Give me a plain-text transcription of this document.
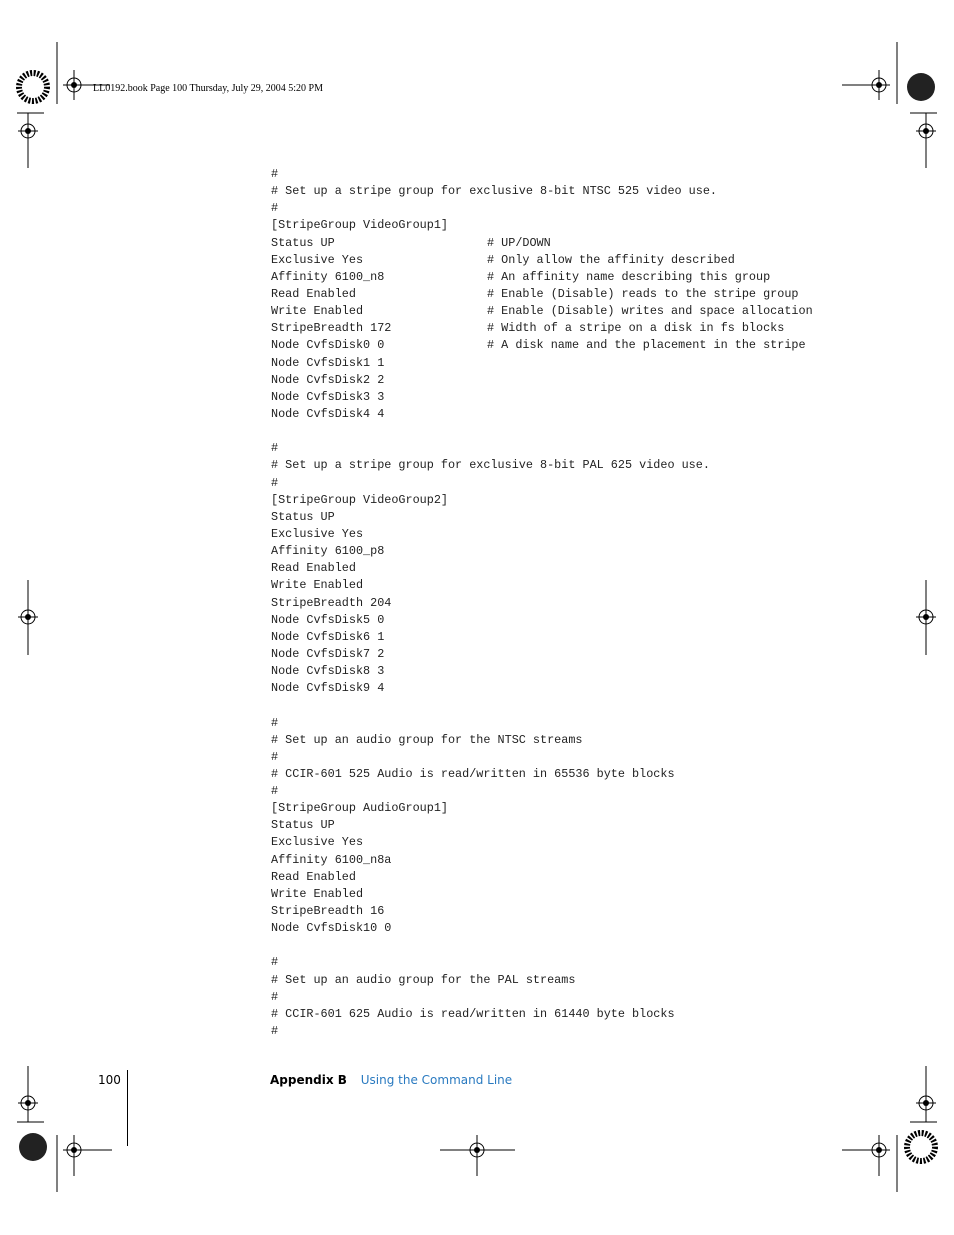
LL0192.book Page 100 Thursday, July 29, 2004 5:20 PM
#
# Set up a stripe group for exclusive 8-bit NTSC 525 video use.
#
[StripeGroup VideoGroup1]
Status UP	# UP/DOWN
Exclusive Yes	# Only allow the affinity described
Affinity 6100_n8	# An affinity name describing this group
Read Enabled	# Enable (Disable) reads to the stripe group
Write Enabled	# Enable (Disable) writes and space allocation
StripeBreadth 172	# Width of a stripe on a disk in fs blocks
Node CvfsDisk0 0	# A disk name and the placement in the stripe
Node CvfsDisk1 1
Node CvfsDisk2 2
Node CvfsDisk3 3
Node CvfsDisk4 4
#
# Set up a stripe group for exclusive 8-bit PAL 625 video use.
#
[StripeGroup VideoGroup2]
Status UP
Exclusive Yes
Affinity 6100_p8
Read Enabled
Write Enabled
StripeBreadth 204
Node CvfsDisk5 0
Node CvfsDisk6 1
Node CvfsDisk7 2
Node CvfsDisk8 3
Node CvfsDisk9 4
#
# Set up an audio group for the NTSC streams
#
# CCIR-601 525 Audio is read/written in 65536 byte blocks
#
[StripeGroup AudioGroup1]
Status UP
Exclusive Yes
Affinity 6100_n8a
Read Enabled
Write Enabled
StripeBreadth 16
Node CvfsDisk10 0
#
# Set up an audio group for the PAL streams
#
# CCIR-601 625 Audio is read/written in 61440 byte blocks
#
100	Appendix B Using the Command Line
